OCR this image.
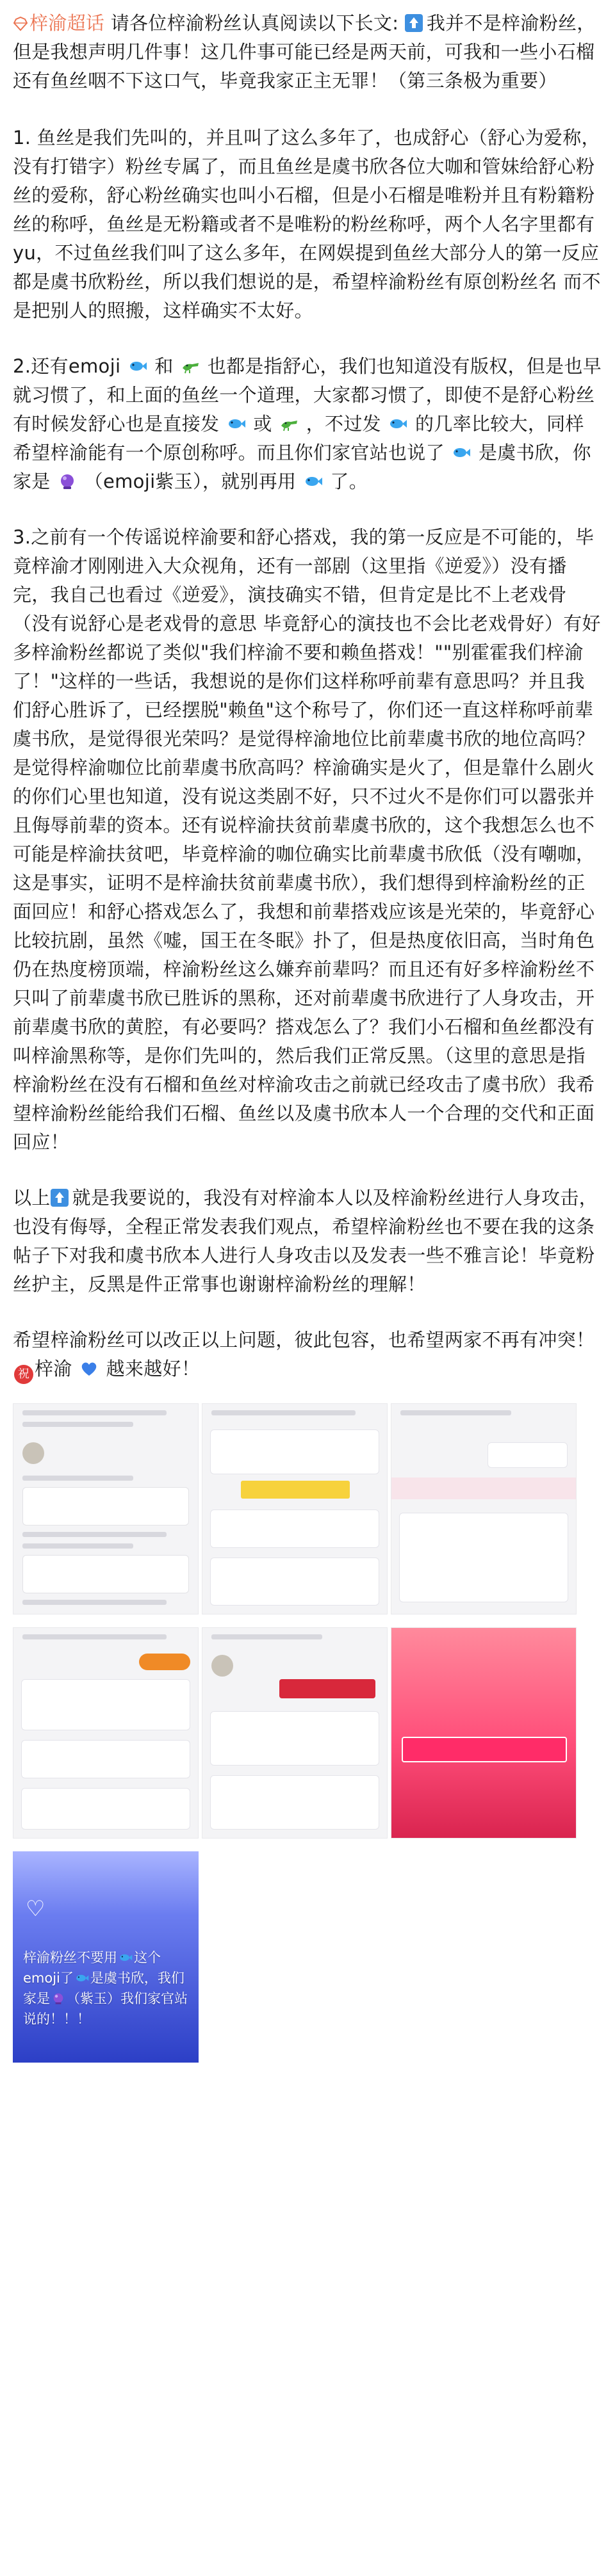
梓渝超话 请各位梓渝粉丝认真阅读以下长文: 我并不是梓渝粉丝，但是我想声明几件事！这几件事可能已经是两天前，可我和一些小石榴还有鱼丝咽不下这口气，毕竟我家正主无罪！（第三条极为重要）

1. 鱼丝是我们先叫的，并且叫了这么多年了，也成舒心（舒心为爱称，没有打错字）粉丝专属了，而且鱼丝是虞书欣各位大咖和管妹给舒心粉丝的爱称，舒心粉丝确实也叫小石榴，但是小石榴是唯粉并且有粉籍粉丝的称呼，鱼丝是无粉籍或者不是唯粉的粉丝称呼，两个人名字里都有yu，不过鱼丝我们叫了这么多年，在网娱提到鱼丝大部分人的第一反应都是虞书欣粉丝，所以我们想说的是，希望梓渝粉丝有原创粉丝名 而不是把别人的照搬，这样确实不太好。

2.还有emoji 和 也都是指舒心，我们也知道没有版权，但是也早就习惯了，和上面的鱼丝一个道理，大家都习惯了，即使不是舒心粉丝有时候发舒心也是直接发 或 ，不过发 的几率比较大，同样希望梓渝能有一个原创称呼。而且你们家官站也说了 是虞书欣，你家是 （emoji紫玉），就别再用 了。

3.之前有一个传谣说梓渝要和舒心搭戏，我的第一反应是不可能的，毕竟梓渝才刚刚进入大众视角，还有一部剧（这里指《逆爱》）没有播完，我自己也看过《逆爱》，演技确实不错，但肯定是比不上老戏骨（没有说舒心是老戏骨的意思 毕竟舒心的演技也不会比老戏骨好）有好多梓渝粉丝都说了类似"我们梓渝不要和赖鱼搭戏！""别霍霍我们梓渝了！"这样的一些话，我想说的是你们这样称呼前辈有意思吗？并且我们舒心胜诉了，已经摆脱"赖鱼"这个称号了，你们还一直这样称呼前辈虞书欣，是觉得很光荣吗？是觉得梓渝地位比前辈虞书欣的地位高吗？是觉得梓渝咖位比前辈虞书欣高吗？梓渝确实是火了，但是靠什么剧火的你们心里也知道，没有说这类剧不好，只不过火不是你们可以嚣张并且侮辱前辈的资本。还有说梓渝扶贫前辈虞书欣的，这个我想怎么也不可能是梓渝扶贫吧，毕竟梓渝的咖位确实比前辈虞书欣低（没有嘲咖，这是事实，证明不是梓渝扶贫前辈虞书欣），我们想得到梓渝粉丝的正面回应！和舒心搭戏怎么了，我想和前辈搭戏应该是光荣的，毕竟舒心比较抗剧，虽然《嘘，国王在冬眠》扑了，但是热度依旧高，当时角色仍在热度榜顶端，梓渝粉丝这么嫌弃前辈吗？而且还有好多梓渝粉丝不只叫了前辈虞书欣已胜诉的黑称，还对前辈虞书欣进行了人身攻击，开前辈虞书欣的黄腔，有必要吗？搭戏怎么了？我们小石榴和鱼丝都没有叫梓渝黑称等，是你们先叫的，然后我们正常反黑。（这里的意思是指梓渝粉丝在没有石榴和鱼丝对梓渝攻击之前就已经攻击了虞书欣）我希望梓渝粉丝能给我们石榴、鱼丝以及虞书欣本人一个合理的交代和正面回应！

以上 就是我要说的，我没有对梓渝本人以及梓渝粉丝进行人身攻击，也没有侮辱，全程正常发表我们观点，希望梓渝粉丝也不要在我的这条帖子下对我和虞书欣本人进行人身攻击以及发表一些不雅言论！毕竟粉丝护主，反黑是件正常事也谢谢梓渝粉丝的理解！

希望梓渝粉丝可以改正以上问题，彼此包容，也希望两家不再有冲突！ 祝 梓渝 越来越好！

♡
梓渝粉丝不要用 这个emoji了 是虞书欣，我们家是 （紫玉）我们家官站说的！！！
